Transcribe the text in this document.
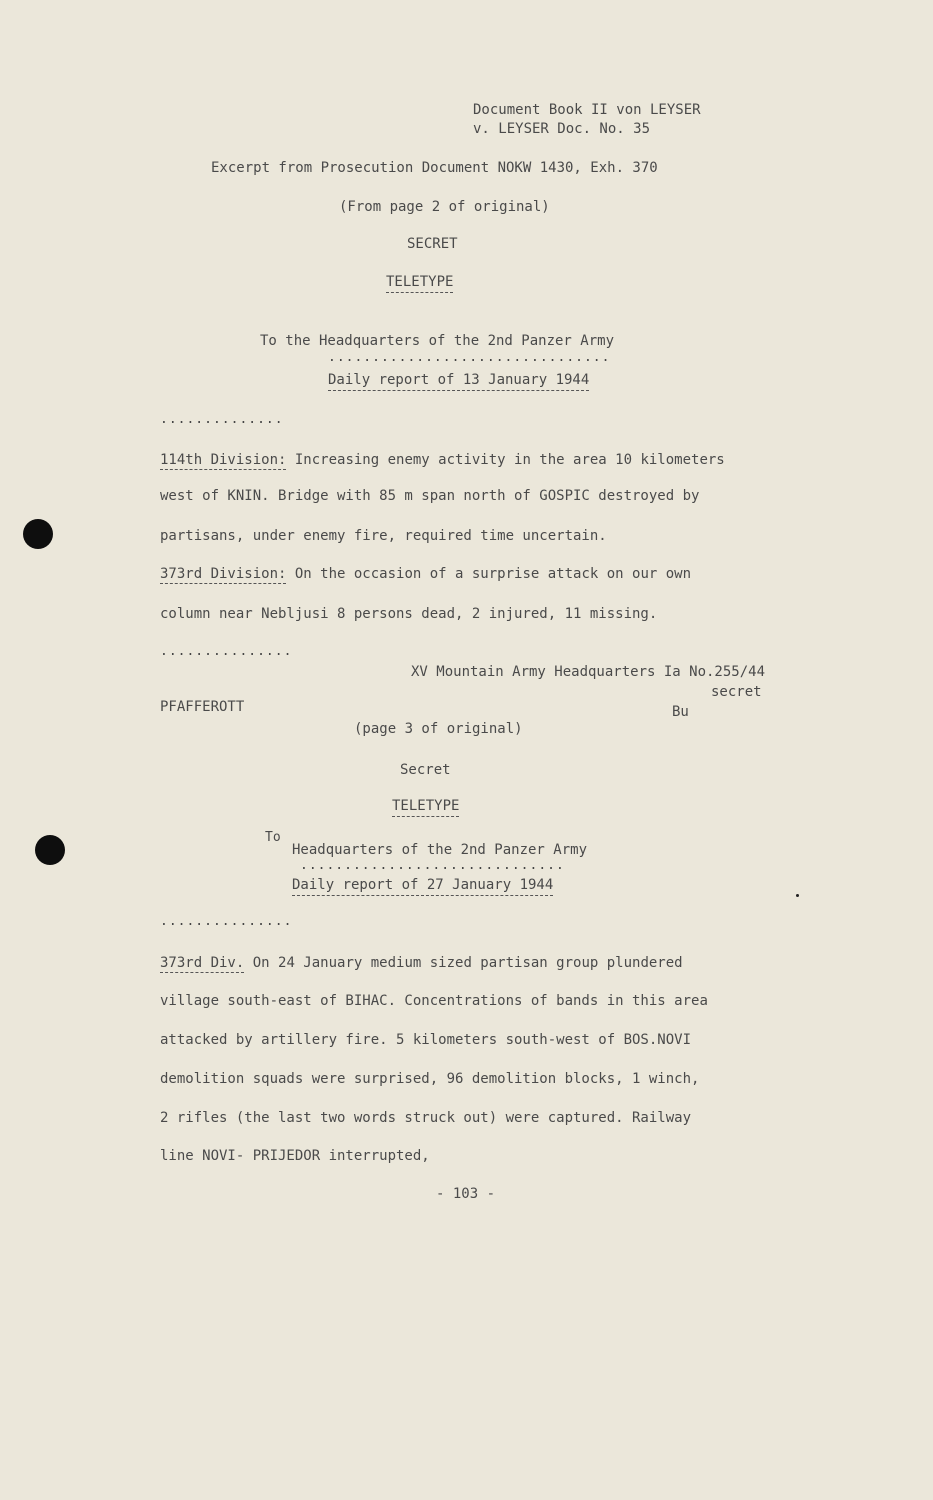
Document Book II von LEYSER
v. LEYSER Doc. No. 35
Excerpt from Prosecution Document NOKW 1430, Exh. 370
(From page 2 of original)
SECRET
TELETYPE
To the Headquarters of the 2nd Panzer Army
................................
Daily report of 13 January 1944
..............
114th Division: Increasing enemy activity in the area 10 kilometers
west of KNIN. Bridge with 85 m span north of GOSPIC destroyed by
partisans, under enemy fire, required time uncertain.
373rd Division: On the occasion of a surprise attack on our own
column near Nebljusi 8 persons dead, 2 injured, 11 missing.
...............
XV Mountain Army Headquarters Ia No.255/44
secret
PFAFFEROTT	Bu
(page 3 of original)
Secret
TELETYPE
To
Headquarters of the 2nd Panzer Army
..............................
Daily report of 27 January 1944
...............
373rd Div. On 24 January medium sized partisan group plundered
village south-east of BIHAC. Concentrations of bands in this area
attacked by artillery fire. 5 kilometers south-west of BOS.NOVI
demolition squads were surprised, 96 demolition blocks, 1 winch,
2 rifles (the last two words struck out) were captured. Railway
line NOVI- PRIJEDOR interrupted,
- 103 -
